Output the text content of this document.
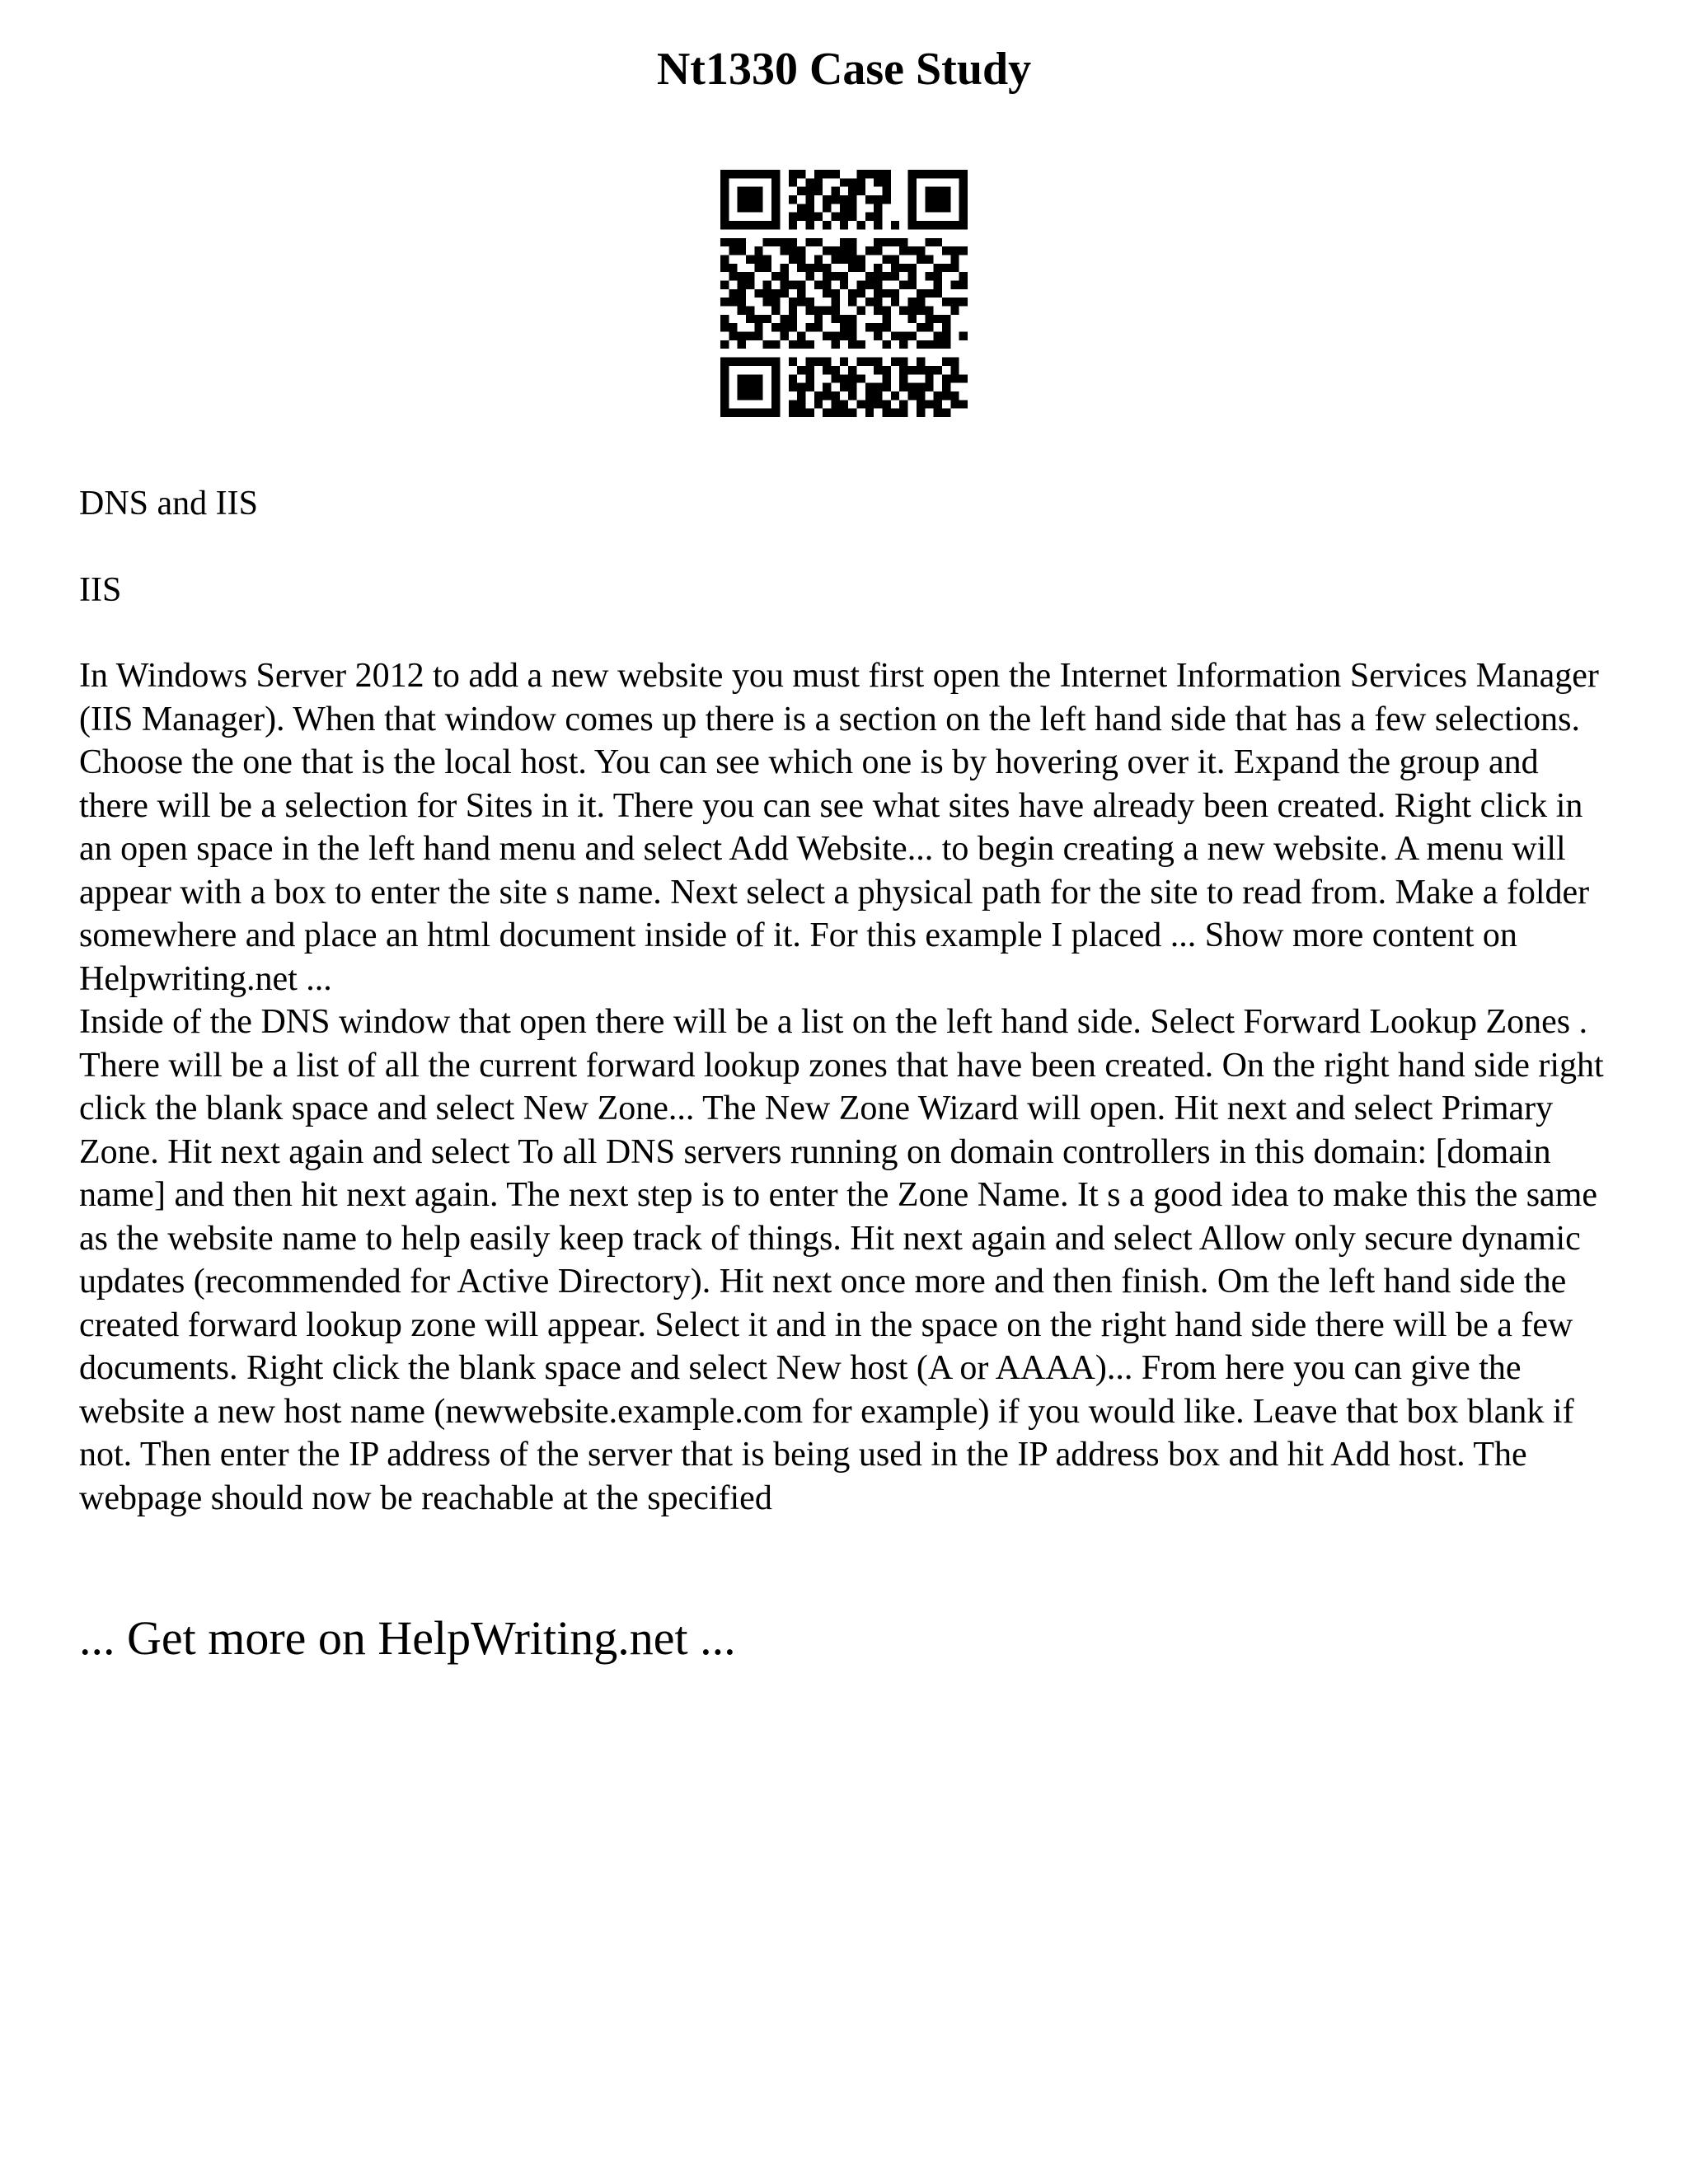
Nt1330 Case Study

DNS and IIS

IIS

In Windows Server 2012 to add a new website you must first open the Internet Information Services Manager (IIS Manager). When that window comes up there is a section on the left hand side that has a few selections. Choose the one that is the local host. You can see which one is by hovering over it. Expand the group and there will be a selection for Sites in it. There you can see what sites have already been created. Right click in an open space in the left hand menu and select Add Website... to begin creating a new website. A menu will appear with a box to enter the site s name. Next select a physical path for the site to read from. Make a folder somewhere and place an html document inside of it. For this example I placed ... Show more content on Helpwriting.net ...

Inside of the DNS window that open there will be a list on the left hand side. Select Forward Lookup Zones . There will be a list of all the current forward lookup zones that have been created. On the right hand side right click the blank space and select New Zone... The New Zone Wizard will open. Hit next and select Primary Zone. Hit next again and select To all DNS servers running on domain controllers in this domain: [domain name] and then hit next again. The next step is to enter the Zone Name. It s a good idea to make this the same as the website name to help easily keep track of things. Hit next again and select Allow only secure dynamic updates (recommended for Active Directory). Hit next once more and then finish. Om the left hand side the created forward lookup zone will appear. Select it and in the space on the right hand side there will be a few documents. Right click the blank space and select New host (A or AAAA)... From here you can give the website a new host name (newwebsite.example.com for example) if you would like. Leave that box blank if not. Then enter the IP address of the server that is being used in the IP address box and hit Add host. The webpage should now be reachable at the specified

... Get more on HelpWriting.net ...
